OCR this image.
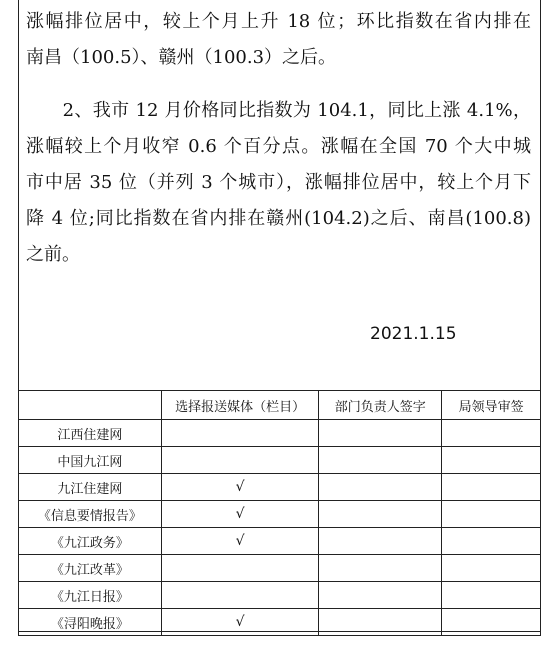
涨幅排位居中，较上个月上升 18 位；环比指数在省内排在
南昌（100.5）、赣州（100.3）之后。
　　2、我市 12 月价格同比指数为 104.1，同比上涨 4.1%，
涨幅较上个月收窄 0.6 个百分点。涨幅在全国 70 个大中城
市中居 35 位（并列 3 个城市），涨幅排位居中，较上个月下
降 4 位;同比指数在省内排在赣州(104.2)之后、南昌(100.8)
之前。
2021.1.15
	选择报送媒体（栏目）	部门负责人签字	局领导审签
江西住建网			
中国九江网			
九江住建网	√		
《信息要情报告》	√		
《九江政务》	√		
《九江改革》			
《九江日报》			
《浔阳晚报》	√		
